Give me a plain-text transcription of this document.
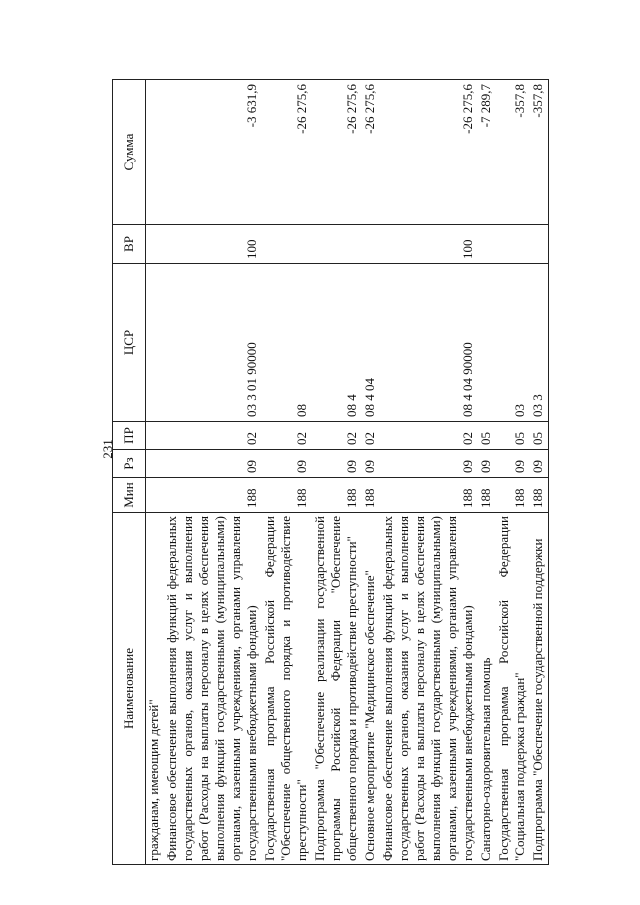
231
Наименование	Мин	Рз	ПР	ЦСР	ВР	Сумма
гражданам, имеющим детей"						
Финансовое обеспечение выполнения функций федеральных государственных органов, оказания услуг и выполнения работ (Расходы на выплаты персоналу в целях обеспечения выполнения функций государственными (муниципальными) органами, казенными учреждениями, органами управления государственными внебюджетными фондами)	188	09	02	03 3 01 90000	100	-3 631,9
Государственная программа Российской Федерации "Обеспечение общественного порядка и противодействие преступности"	188	09	02	08		-26 275,6
Подпрограмма "Обеспечение реализации государственной программы Российской Федерации "Обеспечение общественного порядка и противодействие преступности"	188	09	02	08 4		-26 275,6
Основное мероприятие "Медицинское обеспечение"	188	09	02	08 4 04		-26 275,6
Финансовое обеспечение выполнения функций федеральных государственных органов, оказания услуг и выполнения работ (Расходы на выплаты персоналу в целях обеспечения выполнения функций государственными (муниципальными) органами, казенными учреждениями, органами управления государственными внебюджетными фондами)	188	09	02	08 4 04 90000	100	-26 275,6
Санаторно-оздоровительная помощь	188	09	05			-7 289,7
Государственная программа Российской Федерации "Социальная поддержка граждан"	188	09	05	03		-357,8
Подпрограмма "Обеспечение государственной поддержки	188	09	05	03 3		-357,8
